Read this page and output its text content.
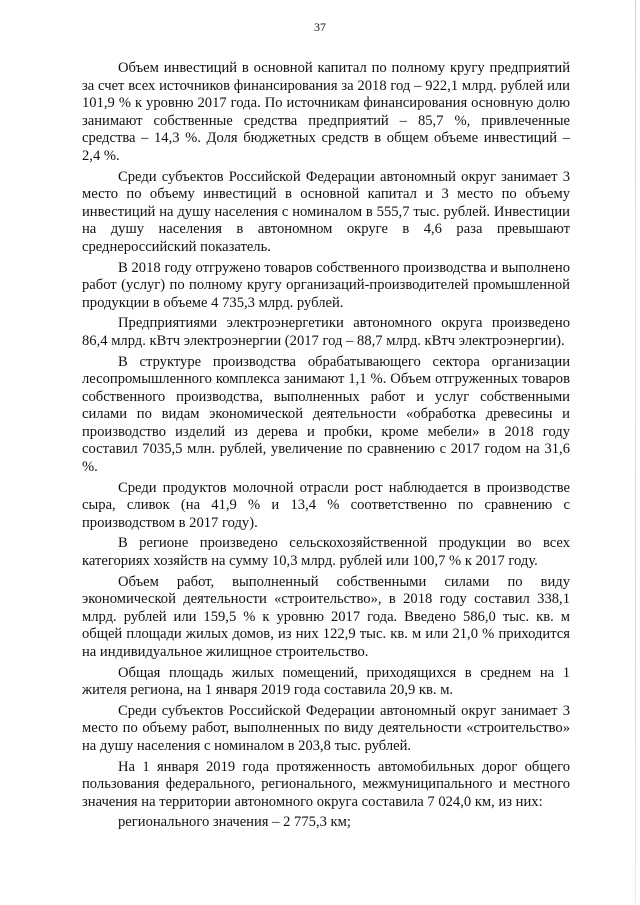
37

Объем инвестиций в основной капитал по полному кругу предприятий за счет всех источников финансирования за 2018 год – 922,1 млрд. рублей или 101,9 % к уровню 2017 года. По источникам финансирования основную долю занимают собственные средства предприятий – 85,7 %, привлеченные средства – 14,3 %. Доля бюджетных средств в общем объеме инвестиций – 2,4 %.

Среди субъектов Российской Федерации автономный округ занимает 3 место по объему инвестиций в основной капитал и 3 место по объему инвестиций на душу населения с номиналом в 555,7 тыс. рублей. Инвестиции на душу населения в автономном округе в 4,6 раза превышают среднероссийский показатель.

В 2018 году отгружено товаров собственного производства и выполнено работ (услуг) по полному кругу организаций-производителей промышленной продукции в объеме 4 735,3 млрд. рублей.

Предприятиями электроэнергетики автономного округа произведено 86,4 млрд. кВтч электроэнергии (2017 год – 88,7 млрд. кВтч электроэнергии).

В структуре производства обрабатывающего сектора организации лесопромышленного комплекса занимают 1,1 %. Объем отгруженных товаров собственного производства, выполненных работ и услуг собственными силами по видам экономической деятельности «обработка древесины и производство изделий из дерева и пробки, кроме мебели» в 2018 году составил 7035,5 млн. рублей, увеличение по сравнению с 2017 годом на 31,6 %.

Среди продуктов молочной отрасли рост наблюдается в производстве сыра, сливок (на 41,9 % и 13,4 % соответственно по сравнению с производством в 2017 году).

В регионе произведено сельскохозяйственной продукции во всех категориях хозяйств на сумму 10,3 млрд. рублей или 100,7 % к 2017 году.

Объем работ, выполненный собственными силами по виду экономической деятельности «строительство», в 2018 году составил 338,1 млрд. рублей или 159,5 % к уровню 2017 года. Введено 586,0 тыс. кв. м общей площади жилых домов, из них 122,9 тыс. кв. м или 21,0 % приходится на индивидуальное жилищное строительство.

Общая площадь жилых помещений, приходящихся в среднем на 1 жителя региона, на 1 января 2019 года составила 20,9 кв. м.

Среди субъектов Российской Федерации автономный округ занимает 3 место по объему работ, выполненных по виду деятельности «строительство» на душу населения с номиналом в 203,8 тыс. рублей.

На 1 января 2019 года протяженность автомобильных дорог общего пользования федерального, регионального, межмуниципального и местного значения на территории автономного округа составила 7 024,0 км, из них:

регионального значения – 2 775,3 км;
